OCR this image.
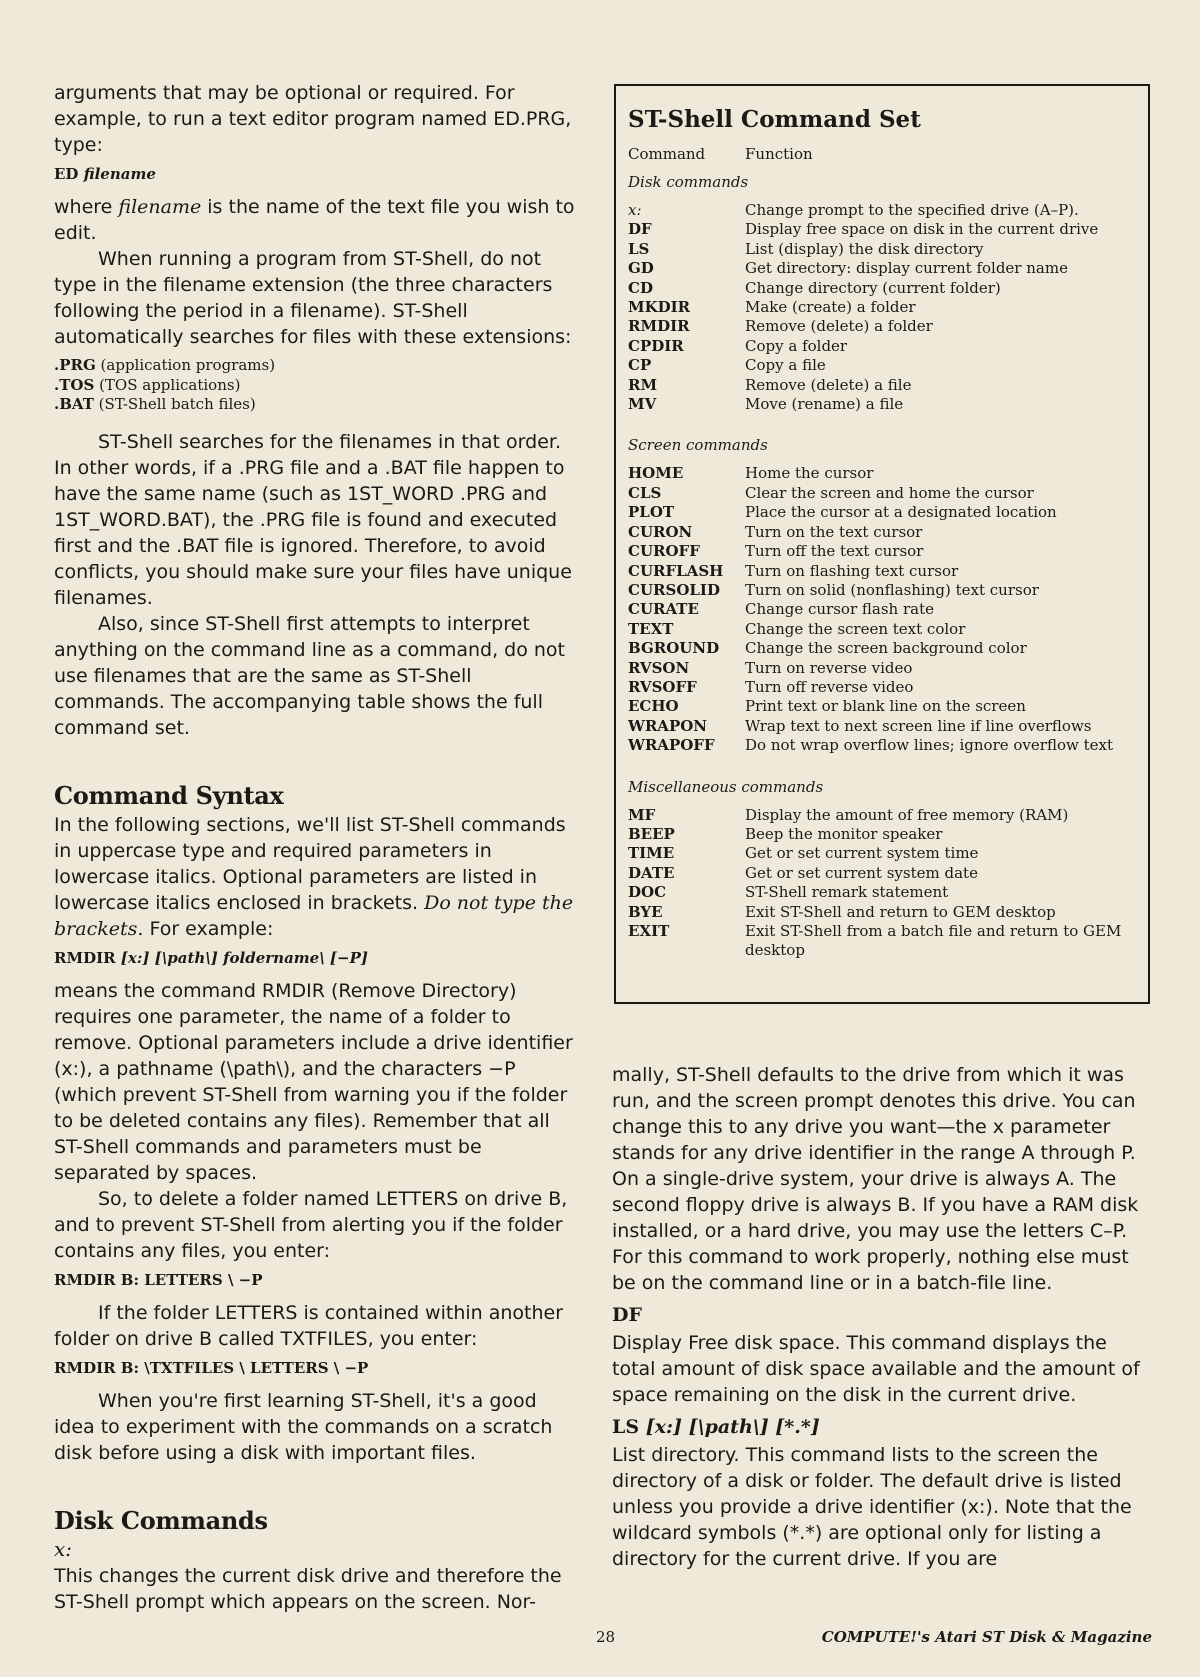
arguments that may be optional or required. For example, to run a text editor program named ED.PRG, type:

ED filename

where filename is the name of the text file you wish to edit.

When running a program from ST-Shell, do not type in the filename extension (the three characters following the period in a filename). ST-Shell automatically searches for files with these extensions:

.PRG (application programs)
.TOS (TOS applications)
.BAT (ST-Shell batch files)

ST-Shell searches for the filenames in that order. In other words, if a .PRG file and a .BAT file happen to have the same name (such as 1ST_WORD .PRG and 1ST_WORD.BAT), the .PRG file is found and executed first and the .BAT file is ignored. Therefore, to avoid conflicts, you should make sure your files have unique filenames.

Also, since ST-Shell first attempts to interpret anything on the command line as a command, do not use filenames that are the same as ST-Shell commands. The accompanying table shows the full command set.

Command Syntax

In the following sections, we'll list ST-Shell commands in uppercase type and required parameters in lowercase italics. Optional parameters are listed in lowercase italics enclosed in brackets. Do not type the brackets. For example:

RMDIR [x:] [\path\] foldername\ [−P]

means the command RMDIR (Remove Directory) requires one parameter, the name of a folder to remove. Optional parameters include a drive identifier (x:), a pathname (\path\), and the characters −P (which prevent ST-Shell from warning you if the folder to be deleted contains any files). Remember that all ST-Shell commands and parameters must be separated by spaces.

So, to delete a folder named LETTERS on drive B, and to prevent ST-Shell from alerting you if the folder contains any files, you enter:

RMDIR B: LETTERS \ −P

If the folder LETTERS is contained within another folder on drive B called TXTFILES, you enter:

RMDIR B: \TXTFILES \ LETTERS \ −P

When you're first learning ST-Shell, it's a good idea to experiment with the commands on a scratch disk before using a disk with important files.

Disk Commands
x:

This changes the current disk drive and therefore the ST-Shell prompt which appears on the screen. Nor-

ST-Shell Command Set
Command	Function
Disk commands
x:	Change prompt to the specified drive (A–P).
DF	Display free space on disk in the current drive
LS	List (display) the disk directory
GD	Get directory: display current folder name
CD	Change directory (current folder)
MKDIR	Make (create) a folder
RMDIR	Remove (delete) a folder
CPDIR	Copy a folder
CP	Copy a file
RM	Remove (delete) a file
MV	Move (rename) a file
Screen commands
HOME	Home the cursor
CLS	Clear the screen and home the cursor
PLOT	Place the cursor at a designated location
CURON	Turn on the text cursor
CUROFF	Turn off the text cursor
CURFLASH	Turn on flashing text cursor
CURSOLID	Turn on solid (nonflashing) text cursor
CURATE	Change cursor flash rate
TEXT	Change the screen text color
BGROUND	Change the screen background color
RVSON	Turn on reverse video
RVSOFF	Turn off reverse video
ECHO	Print text or blank line on the screen
WRAPON	Wrap text to next screen line if line overflows
WRAPOFF	Do not wrap overflow lines; ignore overflow text
Miscellaneous commands
MF	Display the amount of free memory (RAM)
BEEP	Beep the monitor speaker
TIME	Get or set current system time
DATE	Get or set current system date
DOC	ST-Shell remark statement
BYE	Exit ST-Shell and return to GEM desktop
EXIT	Exit ST-Shell from a batch file and return to GEM desktop

mally, ST-Shell defaults to the drive from which it was run, and the screen prompt denotes this drive. You can change this to any drive you want—the x parameter stands for any drive identifier in the range A through P. On a single-drive system, your drive is always A. The second floppy drive is always B. If you have a RAM disk installed, or a hard drive, you may use the letters C–P. For this command to work properly, nothing else must be on the command line or in a batch-file line.

DF

Display Free disk space. This command displays the total amount of disk space available and the amount of space remaining on the disk in the current drive.

LS [x:] [\path\] [*.*]

List directory. This command lists to the screen the directory of a disk or folder. The default drive is listed unless you provide a drive identifier (x:). Note that the wildcard symbols (*.*) are optional only for listing a directory for the current drive. If you are

28	COMPUTE!'s Atari ST Disk & Magazine
